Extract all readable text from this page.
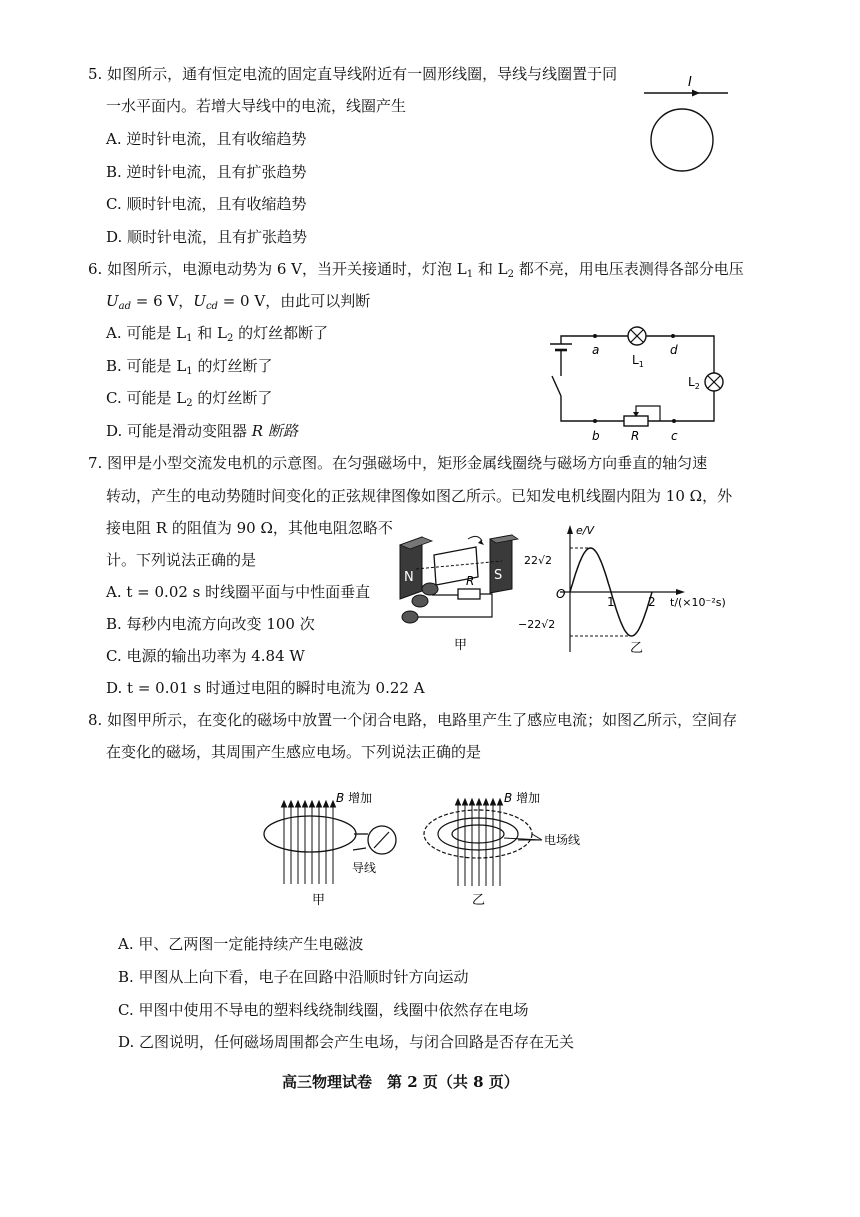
5. 如图所示，通有恒定电流的固定直导线附近有一圆形线圈，导线与线圈置于同
一水平面内。若增大导线中的电流，线圈产生
A. 逆时针电流，且有收缩趋势
B. 逆时针电流，且有扩张趋势
C. 顺时针电流，且有收缩趋势
D. 顺时针电流，且有扩张趋势
I
6. 如图所示，电源电动势为 6 V，当开关接通时，灯泡 $L_1$ 和 $L_2$ 都不亮，用电压表测得各部分电压
$U_{ad} = 6$ V，$U_{cd} = 0$ V，由此可以判断
A. 可能是 $L_1$ 和 $L_2$ 的灯丝都断了
B. 可能是 $L_1$ 的灯丝断了
C. 可能是 $L_2$ 的灯丝断了
D. 可能是滑动变阻器 R 断路
a	d
b	c
R
$L_1$
$L_2$
7. 图甲是小型交流发电机的示意图。在匀强磁场中，矩形金属线圈绕与磁场方向垂直的轴匀速
转动，产生的电动势随时间变化的正弦规律图像如图乙所示。已知发电机线圈内阻为 10 Ω，外
接电阻 R 的阻值为 90 Ω，其他电阻忽略不
计。下列说法正确的是
A. t = 0.02 s 时线圈平面与中性面垂直
B. 每秒内电流方向改变 100 次
C. 电源的输出功率为 4.84 W
D. t = 0.01 s 时通过电阻的瞬时电流为 0.22 A
N	S
R
甲
e/V
22√2
−22√2
O
1	2 t/(×10⁻²s)
乙
8. 如图甲所示，在变化的磁场中放置一个闭合电路，电路里产生了感应电流；如图乙所示，空间存
在变化的磁场，其周围产生感应电场。下列说法正确的是
B 增加
导线
甲
B 增加
电场线
乙
A. 甲、乙两图一定能持续产生电磁波
B. 甲图从上向下看，电子在回路中沿顺时针方向运动
C. 甲图中使用不导电的塑料线绕制线圈，线圈中依然存在电场
D. 乙图说明，任何磁场周围都会产生电场，与闭合回路是否存在无关
高三物理试卷　第 2 页（共 8 页）
